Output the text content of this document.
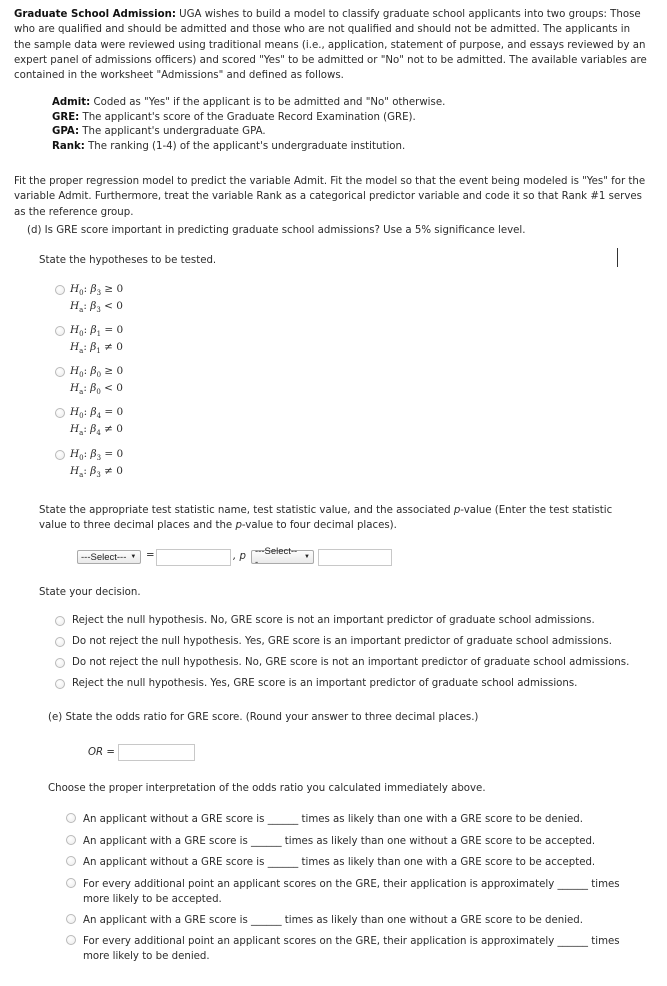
Graduate School Admission: UGA wishes to build a model to classify graduate school applicants into two groups: Those who are qualified and should be admitted and those who are not qualified and should not be admitted. The applicants in the sample data were reviewed using traditional means (i.e., application, statement of purpose, and essays reviewed by an expert panel of admissions officers) and scored "Yes" to be admitted or "No" not to be admitted. The available variables are contained in the worksheet "Admissions" and defined as follows.
Admit: Coded as "Yes" if the applicant is to be admitted and "No" otherwise.
GRE: The applicant's score of the Graduate Record Examination (GRE).
GPA: The applicant's undergraduate GPA.
Rank: The ranking (1-4) of the applicant's undergraduate institution.
Fit the proper regression model to predict the variable Admit. Fit the model so that the event being modeled is "Yes" for the variable Admit. Furthermore, treat the variable Rank as a categorical predictor variable and code it so that Rank #1 serves as the reference group.
(d) Is GRE score important in predicting graduate school admissions? Use a 5% significance level.
State the hypotheses to be tested.
$H_0$: $\beta_3 \ge 0$
$H_a$: $\beta_3 < 0$
$H_0$: $\beta_1 = 0$
$H_a$: $\beta_1 \ne 0$
$H_0$: $\beta_0 \ge 0$
$H_a$: $\beta_0 < 0$
$H_0$: $\beta_4 = 0$
$H_a$: $\beta_4 \ne 0$
$H_0$: $\beta_3 = 0$
$H_a$: $\beta_3 \ne 0$
State the appropriate test statistic name, test statistic value, and the associated p-value (Enter the test statistic value to three decimal places and the p-value to four decimal places).
---Select--- ▼ =	, p ---Select---	▼
State your decision.
Reject the null hypothesis. No, GRE score is not an important predictor of graduate school admissions.
Do not reject the null hypothesis. Yes, GRE score is an important predictor of graduate school admissions.
Do not reject the null hypothesis. No, GRE score is not an important predictor of graduate school admissions.
Reject the null hypothesis. Yes, GRE score is an important predictor of graduate school admissions.
(e) State the odds ratio for GRE score. (Round your answer to three decimal places.)
OR =
Choose the proper interpretation of the odds ratio you calculated immediately above.
An applicant without a GRE score is ______ times as likely than one with a GRE score to be denied.
An applicant with a GRE score is ______ times as likely than one without a GRE score to be accepted.
An applicant without a GRE score is ______ times as likely than one with a GRE score to be accepted.
For every additional point an applicant scores on the GRE, their application is approximately ______ times more likely to be accepted.
An applicant with a GRE score is ______ times as likely than one without a GRE score to be denied.
For every additional point an applicant scores on the GRE, their application is approximately ______ times more likely to be denied.
